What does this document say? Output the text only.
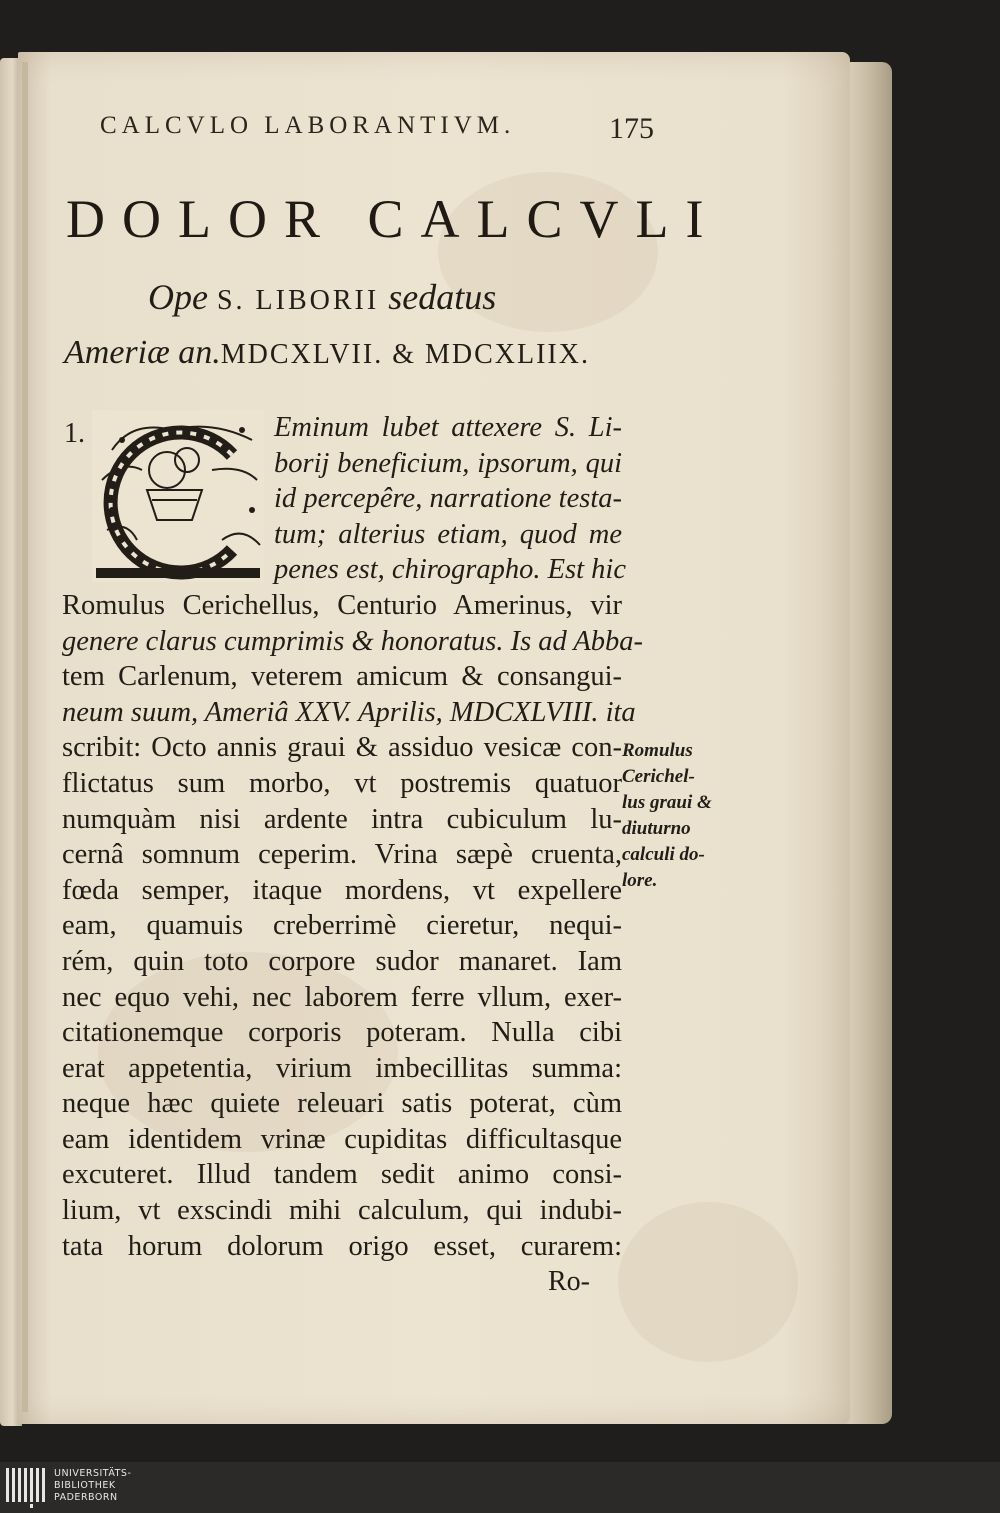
CALCVLO LABORANTIVM.	175
DOLOR CALCVLI
Ope S. LIBORII sedatus
Ameriæ an.MDCXLVII. & MDCXLIIX.
1.	Eminum lubet attexere S. Li-
borij beneficium, ipsorum, qui
id percepêre, narratione testa-
tum; alterius etiam, quod me
penes est, chirographo. Est hic
Romulus Cerichellus, Centurio Amerinus, vir
genere clarus cumprimis & honoratus. Is ad Abba-
tem Carlenum, veterem amicum & consangui-
neum suum, Ameriâ XXV. Aprilis, MDCXLVIII. ita
scribit: Octo annis graui & assiduo vesicæ con-
flictatus sum morbo, vt postremis quatuor
numquàm nisi ardente intra cubiculum lu-
cernâ somnum ceperim. Vrina sæpè cruenta,
fœda semper, itaque mordens, vt expellere
eam, quamuis creberrimè cieretur, nequi-
rém, quin toto corpore sudor manaret. Iam
nec equo vehi, nec laborem ferre vllum, exer-
citationemque corporis poteram. Nulla cibi
erat appetentia, virium imbecillitas summa:
neque hæc quiete releuari satis poterat, cùm
eam identidem vrinæ cupiditas difficultasque
excuteret. Illud tandem sedit animo consi-
lium, vt exscindi mihi calculum, qui indubi-
tata horum dolorum origo esset, curarem:
Romulus
Cerichel-
lus graui &
diuturno
calculi do-
lore.
Ro-
UNIVERSITÄTS-
BIBLIOTHEK
PADERBORN
